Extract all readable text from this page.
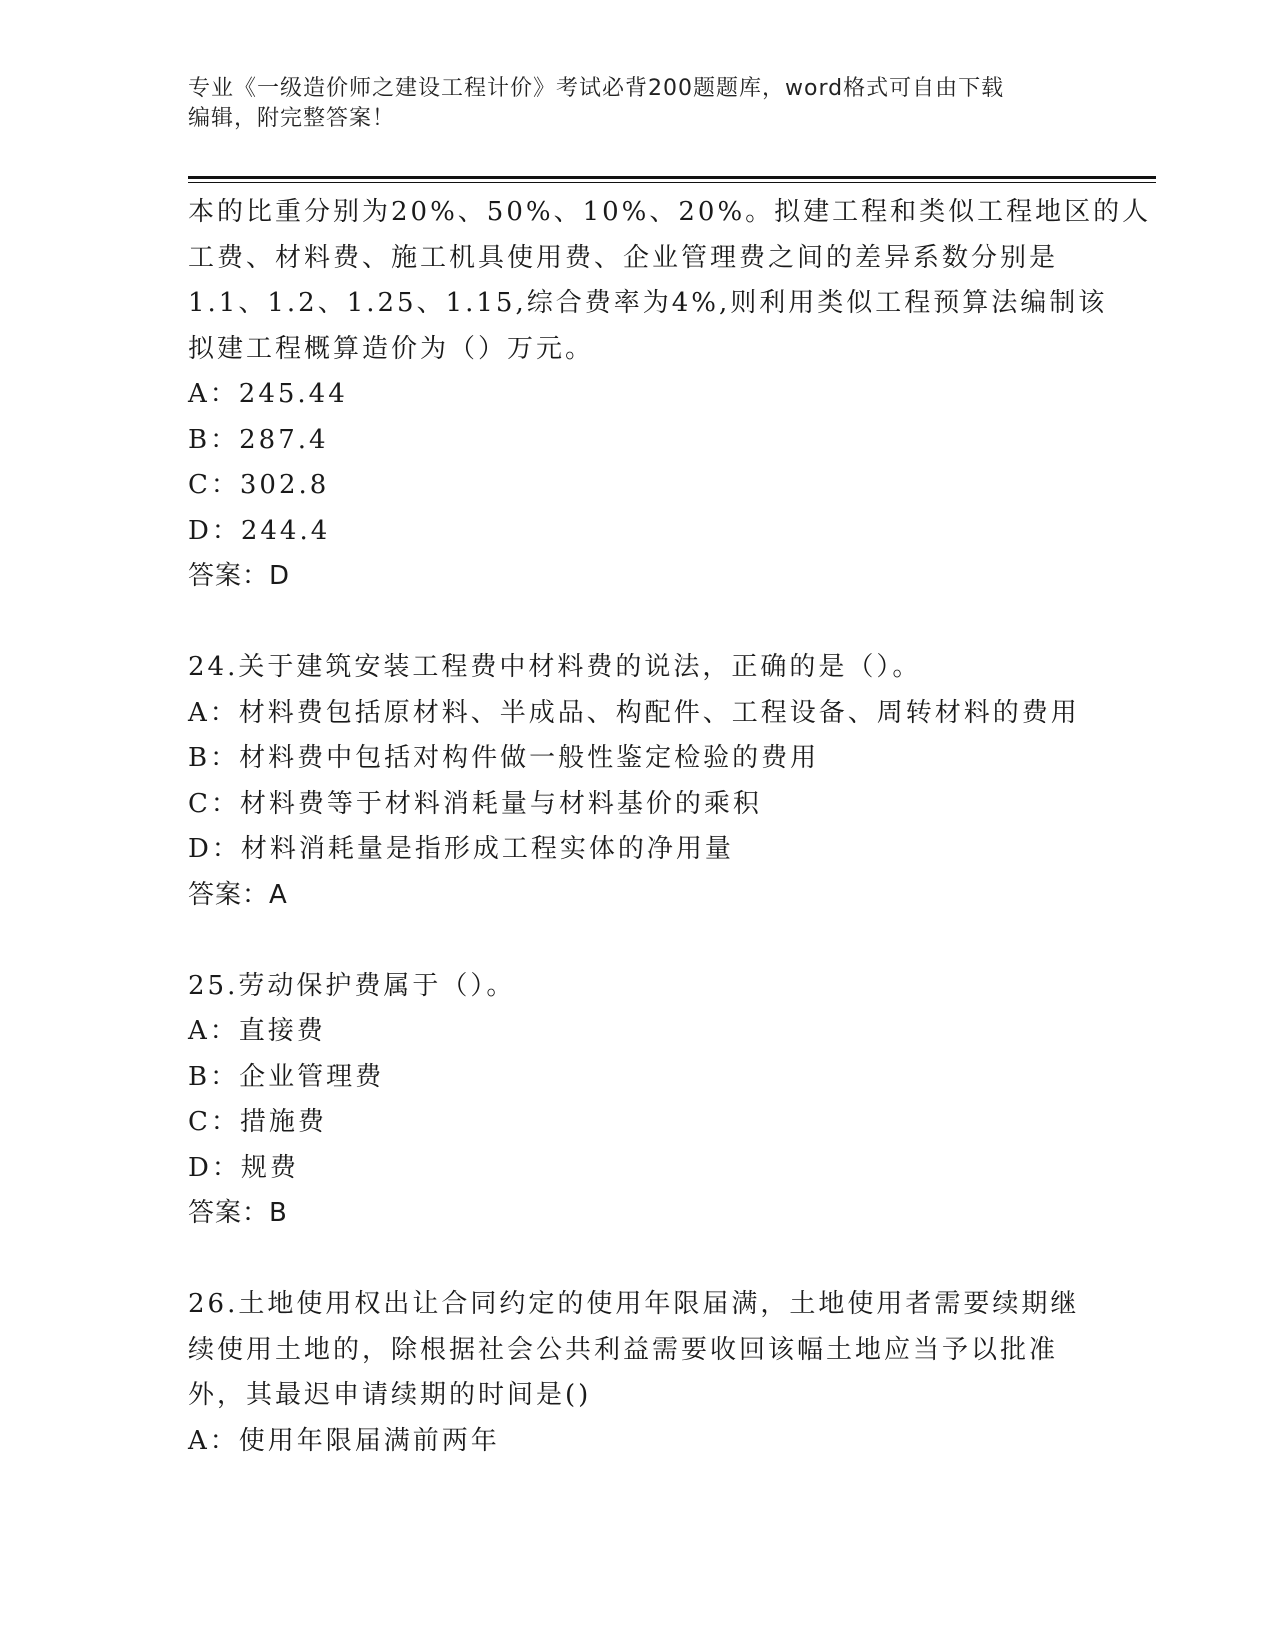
专业《一级造价师之建设工程计价》考试必背200题题库，word格式可自由下载
编辑，附完整答案！
本的比重分别为20%、50%、10%、20%。拟建工程和类似工程地区的人
工费、材料费、施工机具使用费、企业管理费之间的差异系数分别是
1.1、1.2、1.25、1.15,综合费率为4%,则利用类似工程预算法编制该
拟建工程概算造价为（）万元。
A：245.44
B：287.4
C：302.8
D：244.4
答案：D
24.关于建筑安装工程费中材料费的说法，正确的是（）。
A：材料费包括原材料、半成品、构配件、工程设备、周转材料的费用
B：材料费中包括对构件做一般性鉴定检验的费用
C：材料费等于材料消耗量与材料基价的乘积
D：材料消耗量是指形成工程实体的净用量
答案：A
25.劳动保护费属于（）。
A：直接费
B：企业管理费
C：措施费
D：规费
答案：B
26.土地使用权出让合同约定的使用年限届满，土地使用者需要续期继
续使用土地的，除根据社会公共利益需要收回该幅土地应当予以批准
外，其最迟申请续期的时间是()
A：使用年限届满前两年
